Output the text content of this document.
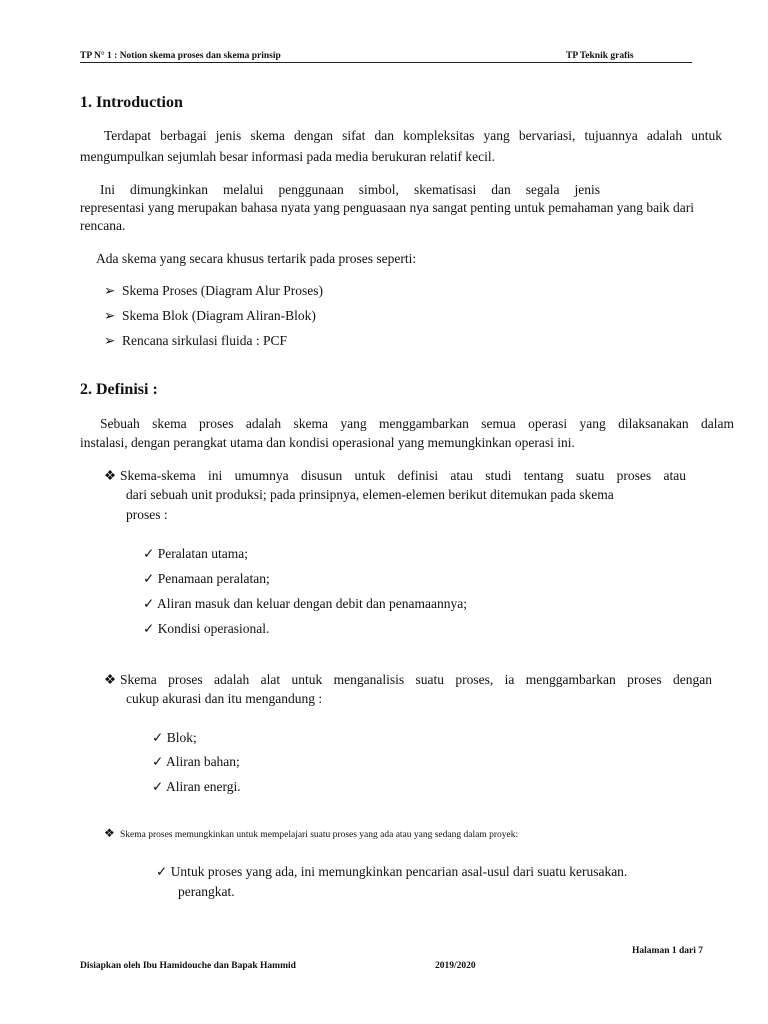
TP N° 1 : Notion skema proses dan skema prinsip	TP Teknik grafis
1. Introduction
Terdapat berbagai jenis skema dengan sifat dan kompleksitas yang bervariasi, tujuannya adalah untuk
mengumpulkan sejumlah besar informasi pada media berukuran relatif kecil.
Ini dimungkinkan melalui penggunaan simbol, skematisasi dan segala jenis
representasi yang merupakan bahasa nyata yang penguasaan nya sangat penting untuk pemahaman yang baik dari
rencana.
Ada skema yang secara khusus tertarik pada proses seperti:
➢ Skema Proses (Diagram Alur Proses)
➢ Skema Blok (Diagram Aliran-Blok)
➢ Rencana sirkulasi fluida : PCF
2. Definisi :
Sebuah skema proses adalah skema yang menggambarkan semua operasi yang dilaksanakan dalam
instalasi, dengan perangkat utama dan kondisi operasional yang memungkinkan operasi ini.
❖ Skema-skema ini umumnya disusun untuk definisi atau studi tentang suatu proses atau
dari sebuah unit produksi; pada prinsipnya, elemen-elemen berikut ditemukan pada skema
proses :
✓ Peralatan utama;
✓ Penamaan peralatan;
✓ Aliran masuk dan keluar dengan debit dan penamaannya;
✓ Kondisi operasional.
❖ Skema proses adalah alat untuk menganalisis suatu proses, ia menggambarkan proses dengan
cukup akurasi dan itu mengandung :
✓ Blok;
✓ Aliran bahan;
✓ Aliran energi.
❖ Skema proses memungkinkan untuk mempelajari suatu proses yang ada atau yang sedang dalam proyek:
✓ Untuk proses yang ada, ini memungkinkan pencarian asal-usul dari suatu kerusakan.
perangkat.
Halaman 1 dari 7
Disiapkan oleh Ibu Hamidouche dan Bapak Hammid	2019/2020
